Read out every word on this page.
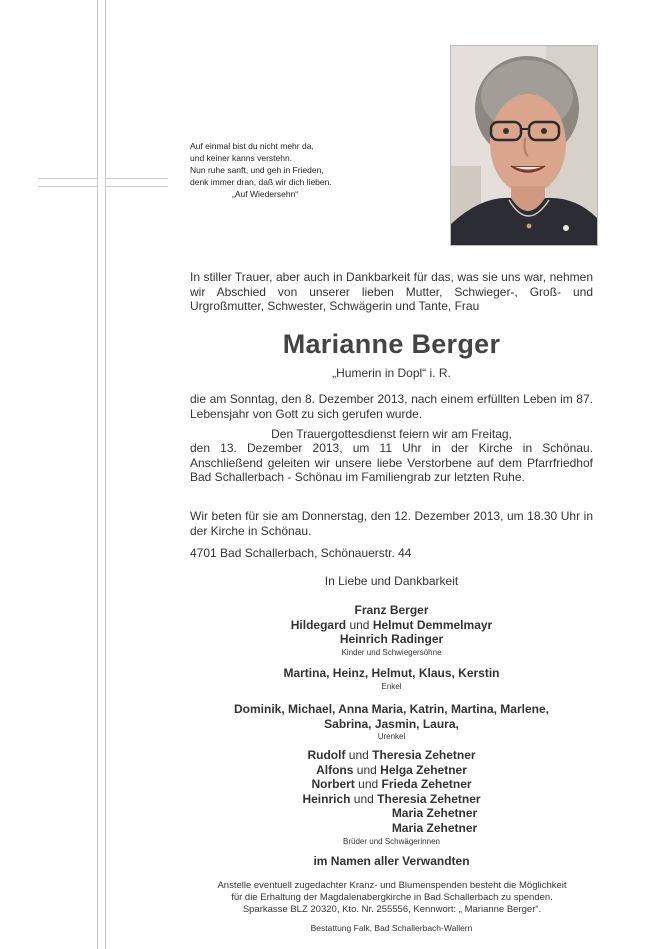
Auf einmal bist du nicht mehr da,
und keiner kanns verstehn.
Nun ruhe sanft, und geh in Frieden,
denk immer dran, daß wir dich lieben.
„Auf Wiedersehn“
In stiller Trauer, aber auch in Dankbarkeit für das, was sie uns war, nehmen wir Abschied von unserer lieben Mutter, Schwieger-, Groß- und Urgroßmutter, Schwester, Schwägerin und Tante, Frau
Marianne Berger
„Humerin in Dopl“ i. R.
die am Sonntag, den 8. Dezember 2013, nach einem erfüllten Leben im 87. Lebensjahr von Gott zu sich gerufen wurde.
Den Trauergottesdienst feiern wir am Freitag,
den 13. Dezember 2013, um 11 Uhr in der Kirche in Schönau. Anschließend geleiten wir unsere liebe Verstorbene auf dem Pfarrfriedhof Bad Schallerbach - Schönau im Familiengrab zur letzten Ruhe.
Wir beten für sie am Donnerstag, den 12. Dezember 2013, um 18.30 Uhr in der Kirche in Schönau.
4701 Bad Schallerbach, Schönauerstr. 44
In Liebe und Dankbarkeit
Franz Berger
Hildegard und Helmut Demmelmayr
Heinrich Radinger
Kinder und Schwiegersöhne
Martina, Heinz, Helmut, Klaus, Kerstin
Enkel
Dominik, Michael, Anna Maria, Katrin, Martina, Marlene,
Sabrina, Jasmin, Laura,
Urenkel
Rudolf und Theresia Zehetner
Alfons und Helga Zehetner
Norbert und Frieda Zehetner
Heinrich und Theresia Zehetner
Maria Zehetner
Maria Zehetner
Brüder und Schwägerinnen
im Namen aller Verwandten
Anstelle eventuell zugedachter Kranz- und Blumenspenden besteht die Möglichkeit
für die Erhaltung der Magdalenabergkirche in Bad Schallerbach zu spenden.
Sparkasse BLZ 20320, Kto. Nr. 255556, Kennwort: „ Marianne Berger“.
Bestattung Falk, Bad Schallerbach-Wallern
